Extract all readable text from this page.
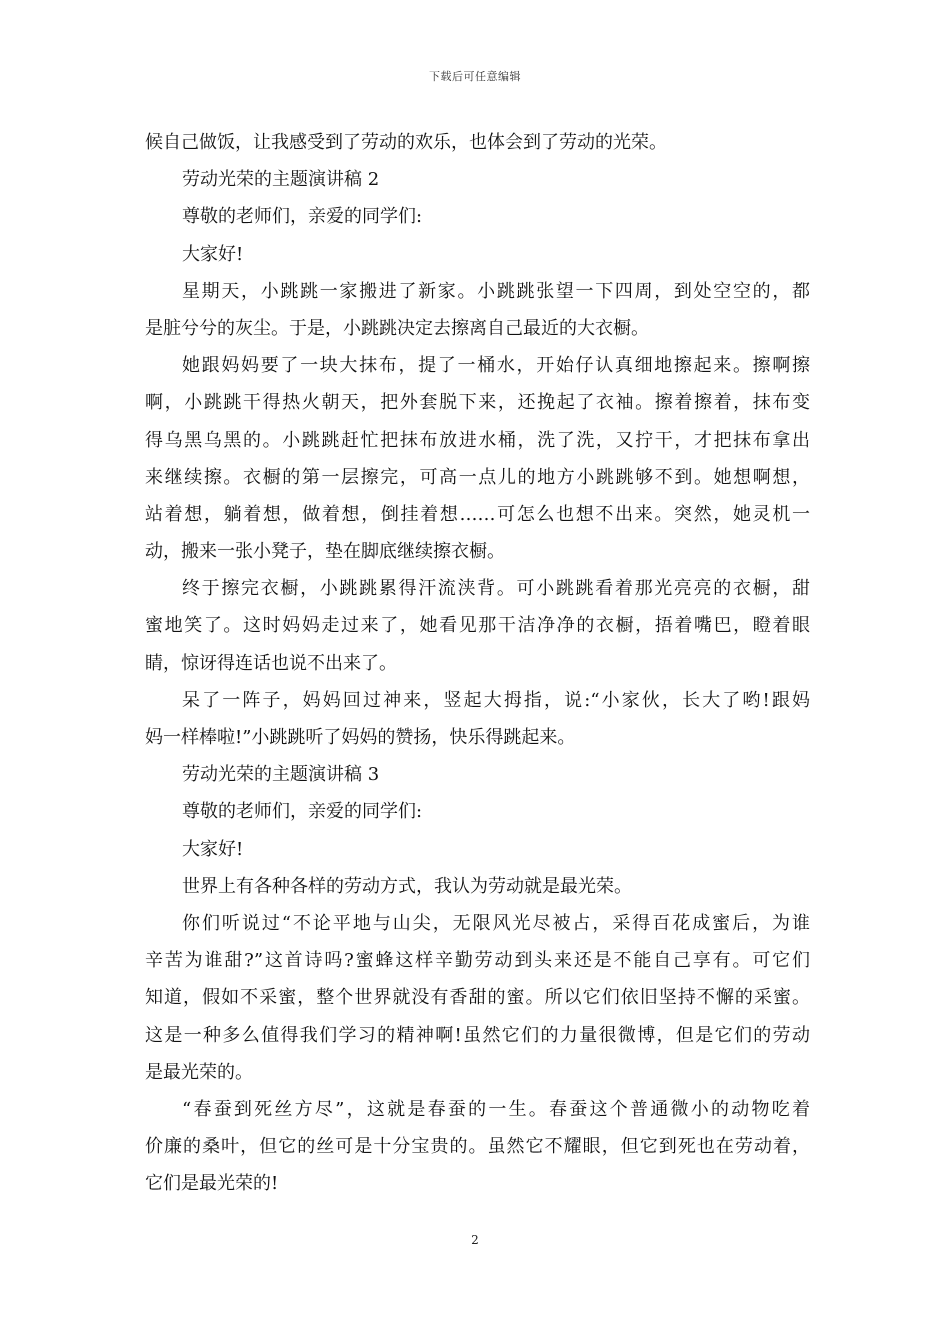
下载后可任意编辑
候自己做饭，让我感受到了劳动的欢乐，也体会到了劳动的光荣。
劳动光荣的主题演讲稿 2
尊敬的老师们，亲爱的同学们:
大家好!
星期天，小跳跳一家搬进了新家。小跳跳张望一下四周，到处空空的，都
是脏兮兮的灰尘。于是，小跳跳决定去擦离自己最近的大衣橱。
她跟妈妈要了一块大抹布，提了一桶水，开始仔认真细地擦起来。擦啊擦
啊，小跳跳干得热火朝天，把外套脱下来，还挽起了衣袖。擦着擦着，抹布变
得乌黑乌黑的。小跳跳赶忙把抹布放进水桶，洗了洗，又拧干，才把抹布拿出
来继续擦。衣橱的第一层擦完，可高一点儿的地方小跳跳够不到。她想啊想，
站着想，躺着想，做着想，倒挂着想……可怎么也想不出来。突然，她灵机一
动，搬来一张小凳子，垫在脚底继续擦衣橱。
终于擦完衣橱，小跳跳累得汗流浃背。可小跳跳看着那光亮亮的衣橱，甜
蜜地笑了。这时妈妈走过来了，她看见那干洁净净的衣橱，捂着嘴巴，瞪着眼
睛，惊讶得连话也说不出来了。
呆了一阵子，妈妈回过神来，竖起大拇指，说:“小家伙，长大了哟!跟妈
妈一样棒啦!”小跳跳听了妈妈的赞扬，快乐得跳起来。
劳动光荣的主题演讲稿 3
尊敬的老师们，亲爱的同学们:
大家好!
世界上有各种各样的劳动方式，我认为劳动就是最光荣。
你们听说过“不论平地与山尖，无限风光尽被占，采得百花成蜜后，为谁
辛苦为谁甜?”这首诗吗?蜜蜂这样辛勤劳动到头来还是不能自己享有。可它们
知道，假如不采蜜，整个世界就没有香甜的蜜。所以它们依旧坚持不懈的采蜜。
这是一种多么值得我们学习的精神啊!虽然它们的力量很微博，但是它们的劳动
是最光荣的。
“春蚕到死丝方尽”，这就是春蚕的一生。春蚕这个普通微小的动物吃着
价廉的桑叶，但它的丝可是十分宝贵的。虽然它不耀眼，但它到死也在劳动着，
它们是最光荣的!
2
